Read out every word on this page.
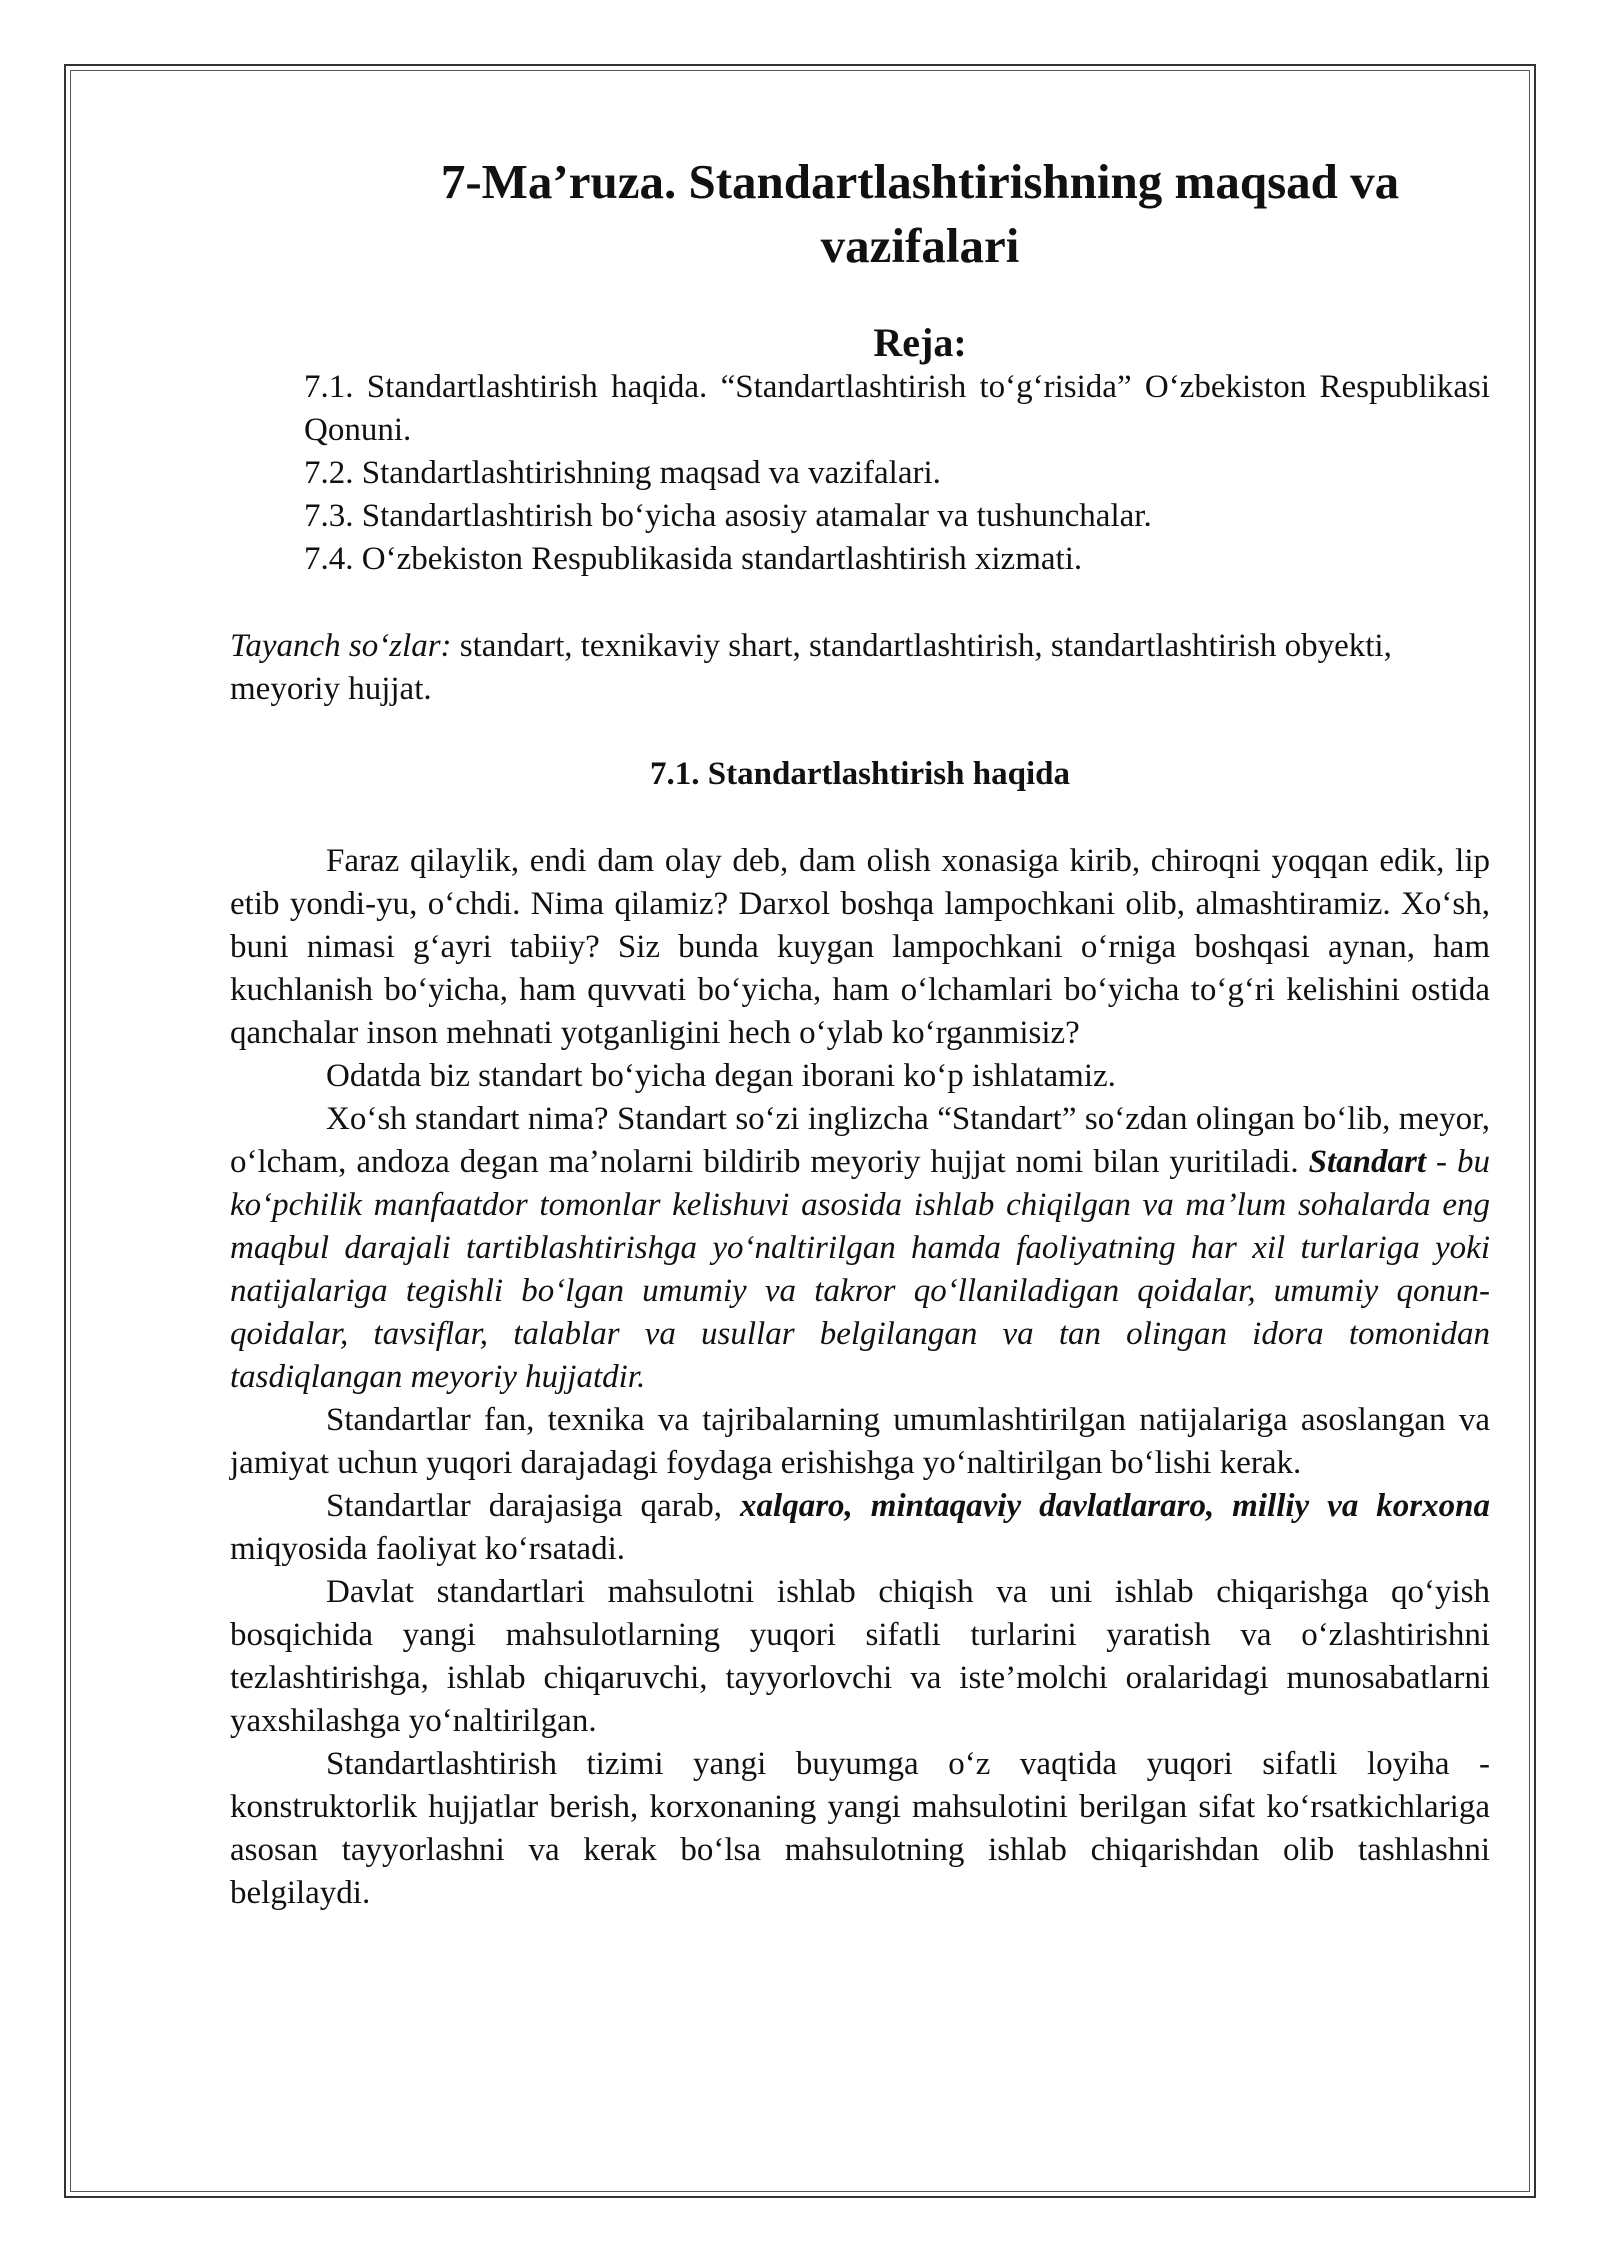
7-Ma’ruza. Standartlashtirishning maqsad va vazifalari
Reja:
7.1. Standartlashtirish haqida. “Standartlashtirish to‘g‘risida” O‘zbekiston Respublikasi Qonuni.
7.2. Standartlashtirishning maqsad va vazifalari.
7.3. Standartlashtirish bo‘yicha asosiy atamalar va tushunchalar.
7.4. O‘zbekiston Respublikasida standartlashtirish xizmati.
Tayanch so‘zlar: standart, texnikaviy shart, standartlashtirish, standartlashtirish obyekti, meyoriy hujjat.
7.1. Standartlashtirish haqida

Faraz qilaylik, endi dam olay deb, dam olish xonasiga kirib, chiroqni yoqqan edik, lip etib yondi-yu, o‘chdi. Nima qilamiz? Darxol boshqa lampochkani olib, almashtiramiz. Xo‘sh, buni nimasi g‘ayri tabiiy? Siz bunda kuygan lampochkani o‘rniga boshqasi aynan, ham kuchlanish bo‘yicha, ham quvvati bo‘yicha, ham o‘lchamlari bo‘yicha to‘g‘ri kelishini ostida qanchalar inson mehnati yotganligini hech o‘ylab ko‘rganmisiz?

Odatda biz standart bo‘yicha degan iborani ko‘p ishlatamiz.

Xo‘sh standart nima? Standart so‘zi inglizcha “Standart” so‘zdan olingan bo‘lib, meyor, o‘lcham, andoza degan ma’nolarni bildirib meyoriy hujjat nomi bilan yuritiladi. Standart - bu ko‘pchilik manfaatdor tomonlar kelishuvi asosida ishlab chiqilgan va ma’lum sohalarda eng maqbul darajali tartiblashtirishga yo‘naltirilgan hamda faoliyatning har xil turlariga yoki natijalariga tegishli bo‘lgan umumiy va takror qo‘llaniladigan qoidalar, umumiy qonun-qoidalar, tavsiflar, talablar va usullar belgilangan va tan olingan idora tomonidan tasdiqlangan meyoriy hujjatdir.

Standartlar fan, texnika va tajribalarning umumlashtirilgan natijalariga asoslangan va jamiyat uchun yuqori darajadagi foydaga erishishga yo‘naltirilgan bo‘lishi kerak.

Standartlar darajasiga qarab, xalqaro, mintaqaviy davlatlararo, milliy va korxona miqyosida faoliyat ko‘rsatadi.

Davlat standartlari mahsulotni ishlab chiqish va uni ishlab chiqarishga qo‘yish bosqichida yangi mahsulotlarning yuqori sifatli turlarini yaratish va o‘zlashtirishni tezlashtirishga, ishlab chiqaruvchi, tayyorlovchi va iste’molchi oralaridagi munosabatlarni yaxshilashga yo‘naltirilgan.

Standartlashtirish tizimi yangi buyumga o‘z vaqtida yuqori sifatli loyiha - konstruktorlik hujjatlar berish, korxonaning yangi mahsulotini berilgan sifat ko‘rsatkichlariga asosan tayyorlashni va kerak bo‘lsa mahsulotning ishlab chiqarishdan olib tashlashni belgilaydi.
